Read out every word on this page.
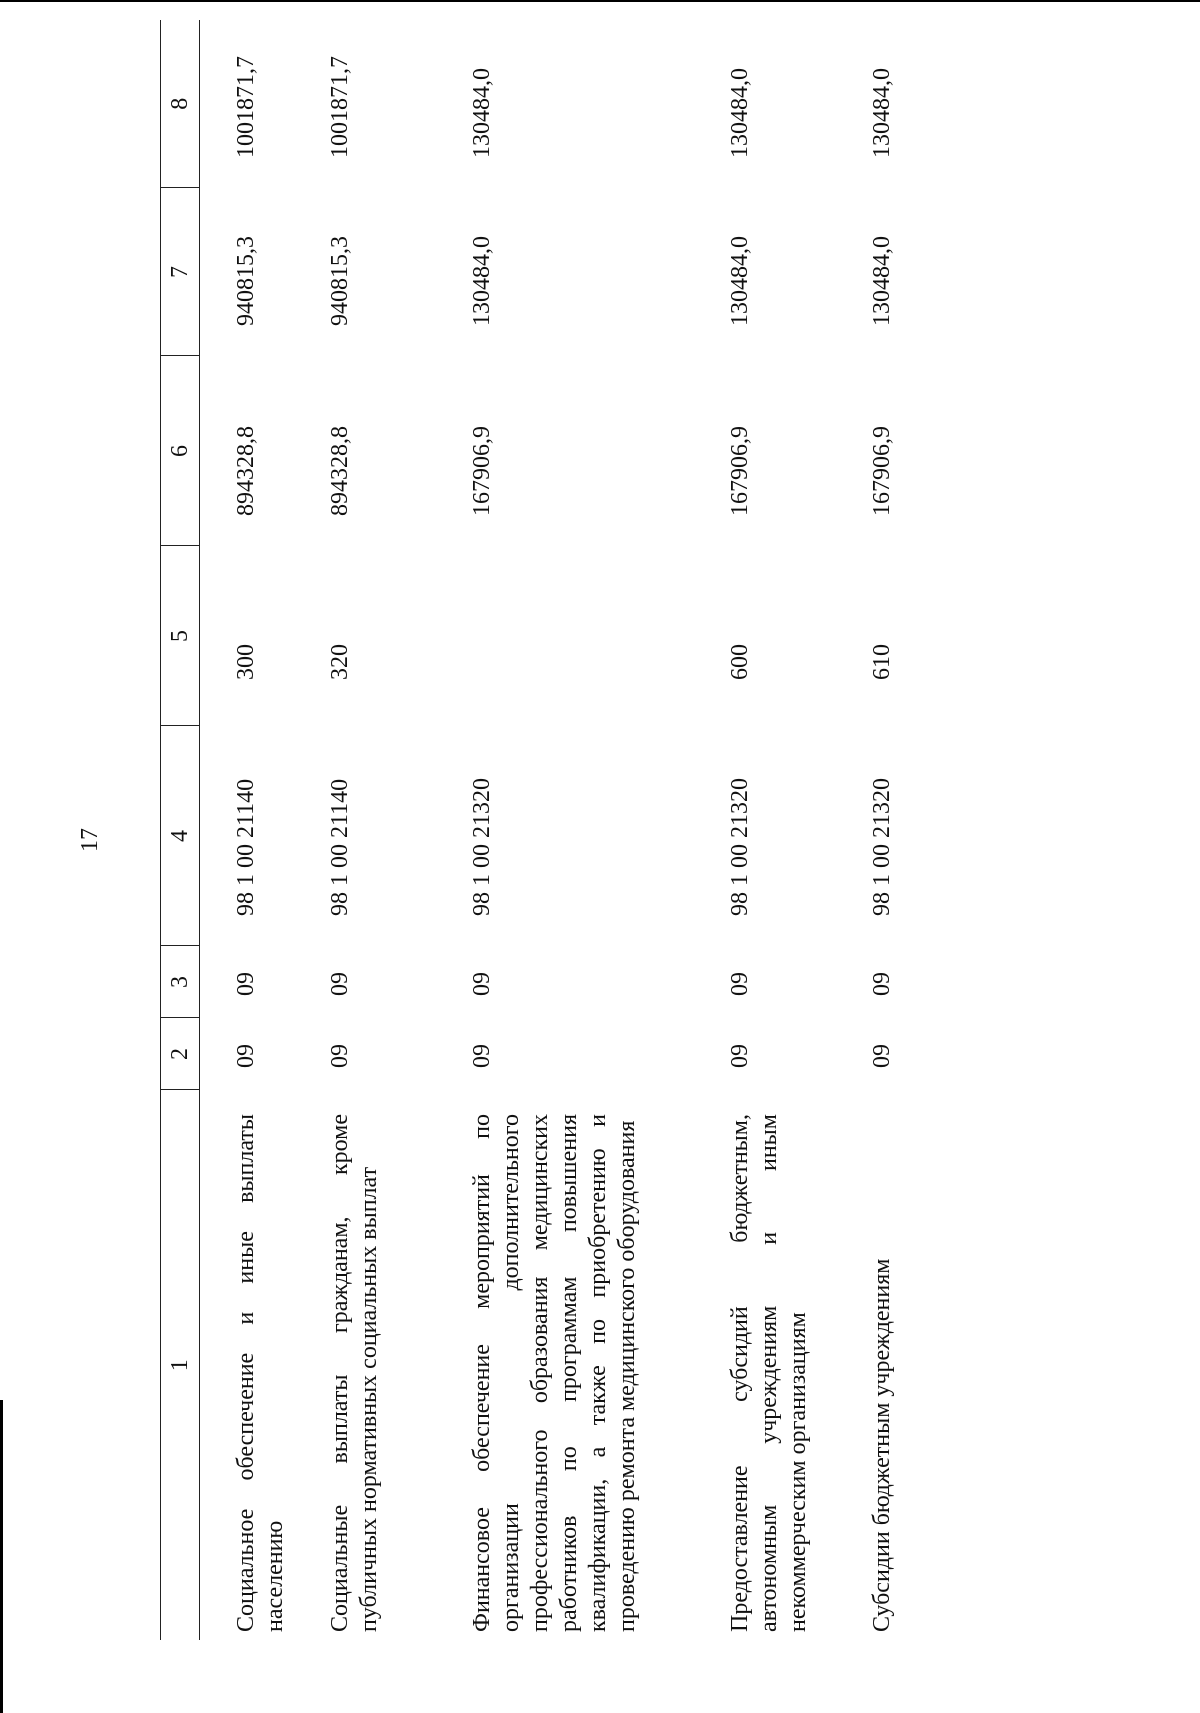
17
1	2	3	4	5	6	7	8
Социальное обеспечение и иные выплаты населению	09	09	98 1 00 21140	300	894328,8	940815,3	1001871,7
Социальные выплаты гражданам, кроме публичных нормативных социальных выплат	09	09	98 1 00 21140	320	894328,8	940815,3	1001871,7
Финансовое обеспечение мероприятий по организации дополнительного профессионального образования медицинских работников по программам повышения квалификации, а также по приобретению и проведению ремонта медицинского оборудования	09	09	98 1 00 21320		167906,9	130484,0	130484,0
Предоставление субсидий бюджетным, автономным учреждениям и иным некоммерческим организациям	09	09	98 1 00 21320	600	167906,9	130484,0	130484,0
Субсидии бюджетным учреждениям	09	09	98 1 00 21320	610	167906,9	130484,0	130484,0
